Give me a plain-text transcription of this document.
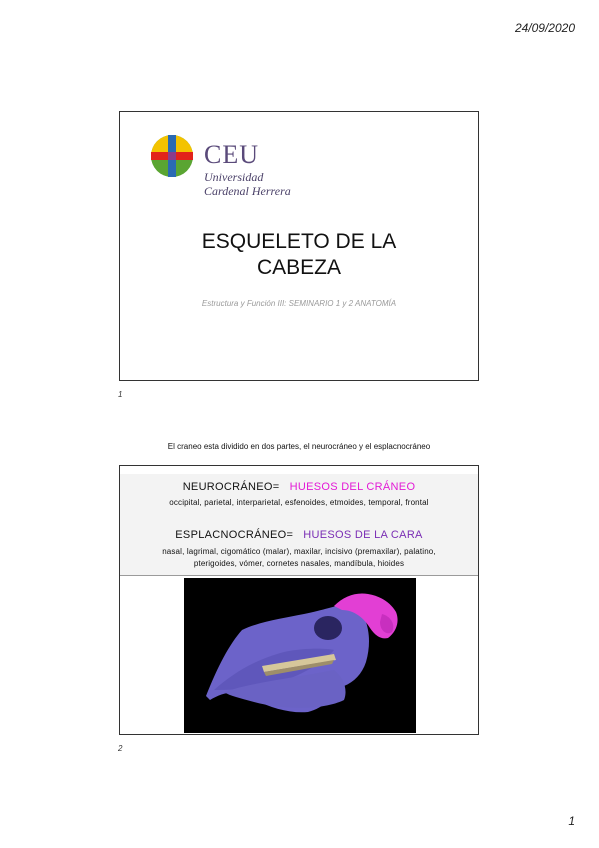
24/09/2020
CEU
Universidad
Cardenal Herrera
ESQUELETO DE LA
CABEZA
Estructura y Función III: SEMINARIO 1 y 2 ANATOMÍA
1
El craneo esta dividido en dos partes, el neurocráneo y el esplacnocráneo
NEUROCRÁNEO= HUESOS DEL CRÁNEO
occipital, parietal, interparietal, esfenoides, etmoides, temporal, frontal
ESPLACNOCRÁNEO= HUESOS DE LA CARA
nasal, lagrimal, cigomático (malar), maxilar, incisivo (premaxilar), palatino,
pterigoides, vómer, cornetes nasales, mandíbula, hioides
2
1
